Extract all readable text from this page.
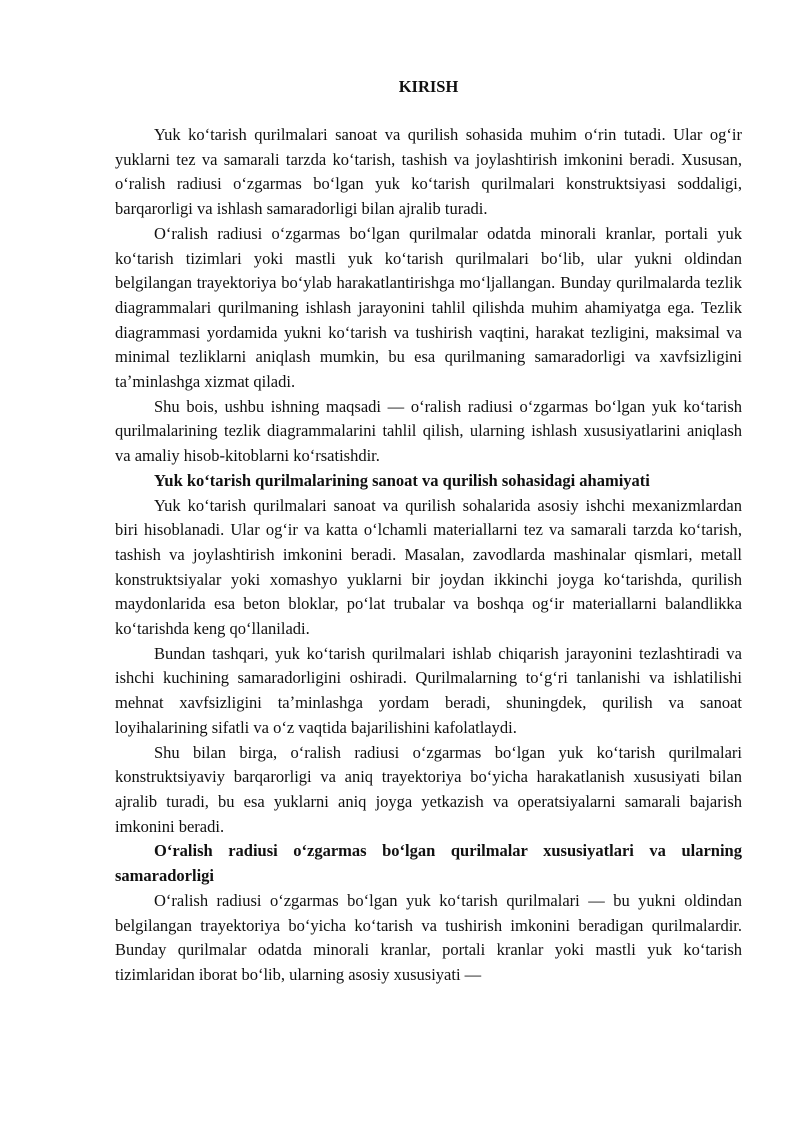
KIRISH

Yuk koʻtarish qurilmalari sanoat va qurilish sohasida muhim oʻrin tutadi. Ular ogʻir yuklarni tez va samarali tarzda koʻtarish, tashish va joylashtirish imkonini beradi. Xususan, oʻralish radiusi oʻzgarmas boʻlgan yuk koʻtarish qurilmalari konstruktsiyasi soddaligi, barqarorligi va ishlash samaradorligi bilan ajralib turadi.

Oʻralish radiusi oʻzgarmas boʻlgan qurilmalar odatda minorali kranlar, portali yuk koʻtarish tizimlari yoki mastli yuk koʻtarish qurilmalari boʻlib, ular yukni oldindan belgilangan trayektoriya boʻylab harakatlantirishga moʻljallangan. Bunday qurilmalarda tezlik diagrammalari qurilmaning ishlash jarayonini tahlil qilishda muhim ahamiyatga ega. Tezlik diagrammasi yordamida yukni koʻtarish va tushirish vaqtini, harakat tezligini, maksimal va minimal tezliklarni aniqlash mumkin, bu esa qurilmaning samaradorligi va xavfsizligini taʼminlashga xizmat qiladi.

Shu bois, ushbu ishning maqsadi — oʻralish radiusi oʻzgarmas boʻlgan yuk koʻtarish qurilmalarining tezlik diagrammalarini tahlil qilish, ularning ishlash xususiyatlarini aniqlash va amaliy hisob-kitoblarni koʻrsatishdir.

Yuk koʻtarish qurilmalarining sanoat va qurilish sohasidagi ahamiyati

Yuk koʻtarish qurilmalari sanoat va qurilish sohalarida asosiy ishchi mexanizmlardan biri hisoblanadi. Ular ogʻir va katta oʻlchamli materiallarni tez va samarali tarzda koʻtarish, tashish va joylashtirish imkonini beradi. Masalan, zavodlarda mashinalar qismlari, metall konstruktsiyalar yoki xomashyo yuklarni bir joydan ikkinchi joyga koʻtarishda, qurilish maydonlarida esa beton bloklar, poʻlat trubalar va boshqa ogʻir materiallarni balandlikka koʻtarishda keng qoʻllaniladi.

Bundan tashqari, yuk koʻtarish qurilmalari ishlab chiqarish jarayonini tezlashtiradi va ishchi kuchining samaradorligini oshiradi. Qurilmalarning toʻgʻri tanlanishi va ishlatilishi mehnat xavfsizligini taʼminlashga yordam beradi, shuningdek, qurilish va sanoat loyihalarining sifatli va oʻz vaqtida bajarilishini kafolatlaydi.

Shu bilan birga, oʻralish radiusi oʻzgarmas boʻlgan yuk koʻtarish qurilmalari konstruktsiyaviy barqarorligi va aniq trayektoriya boʻyicha harakatlanish xususiyati bilan ajralib turadi, bu esa yuklarni aniq joyga yetkazish va operatsiyalarni samarali bajarish imkonini beradi.

Oʻralish radiusi oʻzgarmas boʻlgan qurilmalar xususiyatlari va ularning samaradorligi

Oʻralish radiusi oʻzgarmas boʻlgan yuk koʻtarish qurilmalari — bu yukni oldindan belgilangan trayektoriya boʻyicha koʻtarish va tushirish imkonini beradigan qurilmalardir. Bunday qurilmalar odatda minorali kranlar, portali kranlar yoki mastli yuk koʻtarish tizimlaridan iborat boʻlib, ularning asosiy xususiyati —
